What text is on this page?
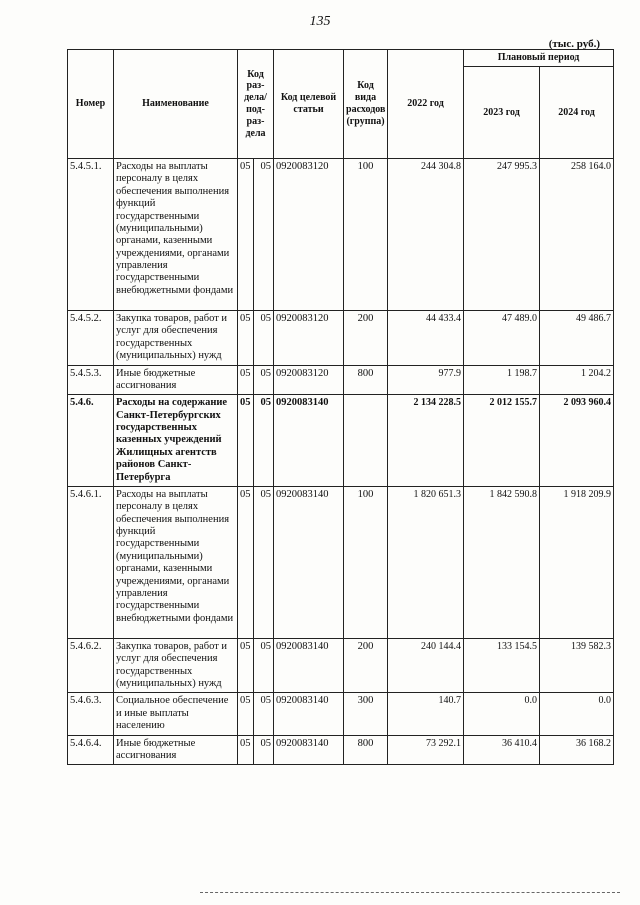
135
(тыс. руб.)
Номер	Наименование	Код раз-дела/ под-раз-дела		Код целевой статьи	Код вида расходов (группа)	2022 год	Плановый период	
							2023 год	2024 год
5.4.5.1.	Расходы на выплаты персоналу в целях обеспечения выполнения функций государственными (муниципальными) органами, казенными учреждениями, органами управления государственными внебюджетными фондами	05	05	0920083120	100	244 304.8	247 995.3	258 164.0
5.4.5.2.	Закупка товаров, работ и услуг для обеспечения государственных (муниципальных) нужд	05	05	0920083120	200	44 433.4	47 489.0	49 486.7
5.4.5.3.	Иные бюджетные ассигнования	05	05	0920083120	800	977.9	1 198.7	1 204.2
5.4.6.	Расходы на содержание Санкт-Петербургских государственных казенных учреждений Жилищных агентств районов Санкт-Петербурга	05	05	0920083140		2 134 228.5	2 012 155.7	2 093 960.4
5.4.6.1.	Расходы на выплаты персоналу в целях обеспечения выполнения функций государственными (муниципальными) органами, казенными учреждениями, органами управления государственными внебюджетными фондами	05	05	0920083140	100	1 820 651.3	1 842 590.8	1 918 209.9
5.4.6.2.	Закупка товаров, работ и услуг для обеспечения государственных (муниципальных) нужд	05	05	0920083140	200	240 144.4	133 154.5	139 582.3
5.4.6.3.	Социальное обеспечение и иные выплаты населению	05	05	0920083140	300	140.7	0.0	0.0
5.4.6.4.	Иные бюджетные ассигнования	05	05	0920083140	800	73 292.1	36 410.4	36 168.2
